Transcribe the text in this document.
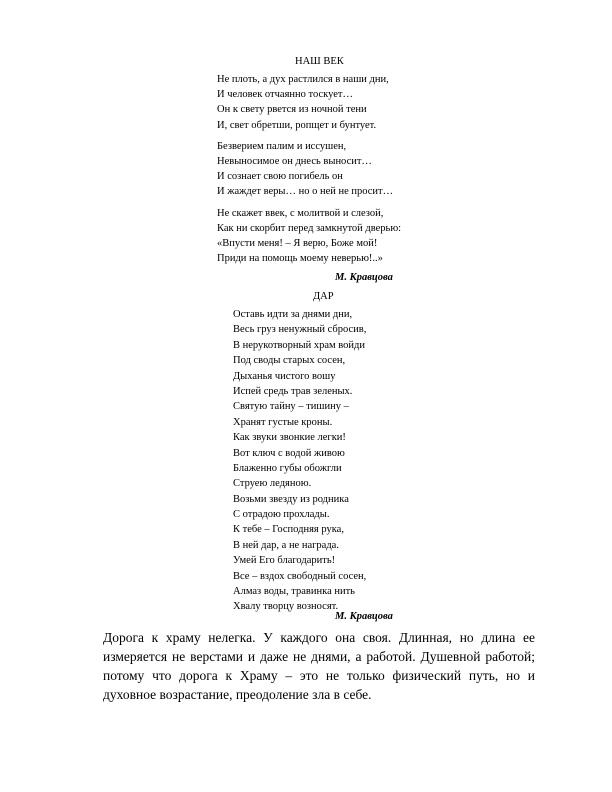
НАШ ВЕК
Не плоть, а дух растлился в наши дни,
И человек отчаянно тоскует…
Он к свету рвется из ночной тени
И, свет обретши, ропщет и бунтует.
Безверием палим и иссушен,
Невыносимое он днесь выносит…
И сознает свою погибель он
И жаждет веры… но о ней не просит…
Не скажет ввек, с молитвой и слезой,
Как ни скорбит перед замкнутой дверью:
«Впусти меня! – Я верю, Боже мой!
Приди на помощь моему неверью!..»
М. Кравцова
ДАР
Оставь идти за днями дни,
Весь груз ненужный сбросив,
В нерукотворный храм войди
Под своды старых сосен,
Дыханья чистого вошу
Испей средь трав зеленых.
Святую тайну – тишину –
Хранят густые кроны.
Как звуки звонкие легки!
Вот ключ с водой живою
Блаженно губы обожгли
Струею ледяною.
Возьми звезду из родника
С отрадою прохлады.
К тебе – Господняя рука,
В ней дар, а не награда.
Умей Его благодарить!
Все – вздох свободный сосен,
Алмаз воды, травинка нить
Хвалу творцу возносят.
М. Кравцова
Дорога к храму нелегка. У каждого она своя. Длинная, но длина ее измеряется не верстами и даже не днями, а работой. Душевной работой; потому что дорога к Храму – это не только физический путь, но и духовное возрастание, преодоление зла в себе.
